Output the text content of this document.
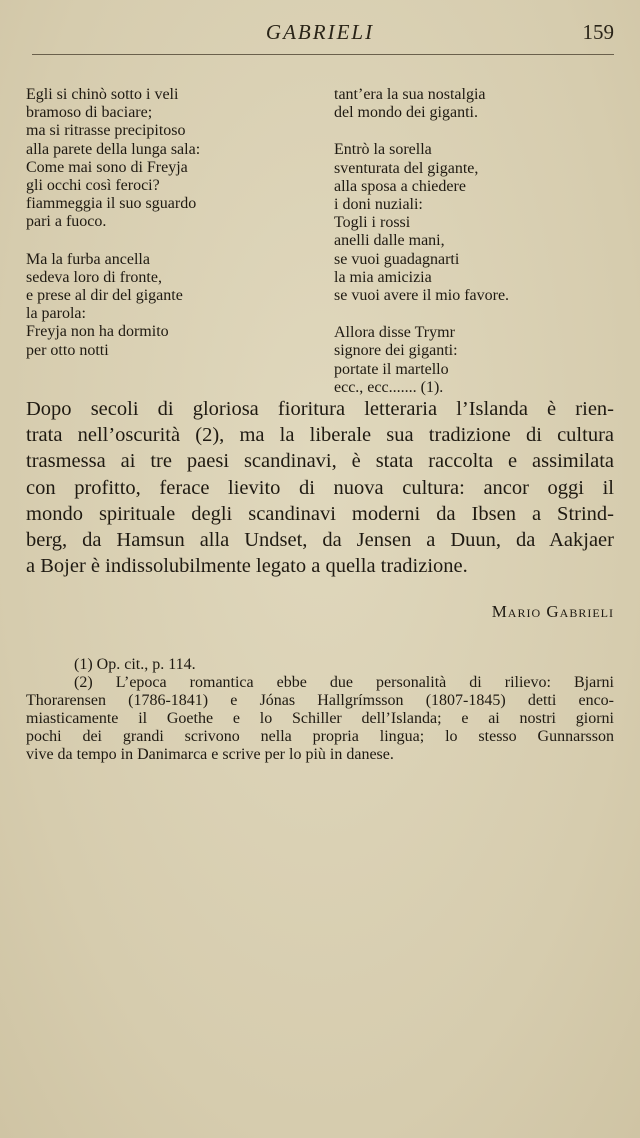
GABRIELI	159
Egli si chinò sotto i veli
bramoso di baciare;
ma si ritrasse precipitoso
alla parete della lunga sala:
Come mai sono di Freyja
gli occhi così feroci?
fiammeggia il suo sguardo
pari a fuoco.
Ma la furba ancella
sedeva loro di fronte,
e prese al dir del gigante
la parola:
Freyja non ha dormito
per otto notti
tant’era la sua nostalgia
del mondo dei giganti.
Entrò la sorella
sventurata del gigante,
alla sposa a chiedere
i doni nuziali:
Togli i rossi
anelli dalle mani,
se vuoi guadagnarti
la mia amicizia
se vuoi avere il mio favore.
Allora disse Trymr
signore dei giganti:
portate il martello
ecc., ecc....... (1).
Dopo secoli di gloriosa fioritura letteraria l’Islanda è rien-
trata nell’oscurità (2), ma la liberale sua tradizione di cultura
trasmessa ai tre paesi scandinavi, è stata raccolta e assimilata
con profitto, ferace lievito di nuova cultura: ancor oggi il
mondo spirituale degli scandinavi moderni da Ibsen a Strind-
berg, da Hamsun alla Undset, da Jensen a Duun, da Aakjaer
a Bojer è indissolubilmente legato a quella tradizione.
Mario Gabrieli
(1) Op. cit., p. 114.
(2) L’epoca romantica ebbe due personalità di rilievo: Bjarni
Thorarensen (1786-1841) e Jónas Hallgrímsson (1807-1845) detti enco-
miasticamente il Goethe e lo Schiller dell’Islanda; e ai nostri giorni
pochi dei grandi scrivono nella propria lingua; lo stesso Gunnarsson
vive da tempo in Danimarca e scrive per lo più in danese.
